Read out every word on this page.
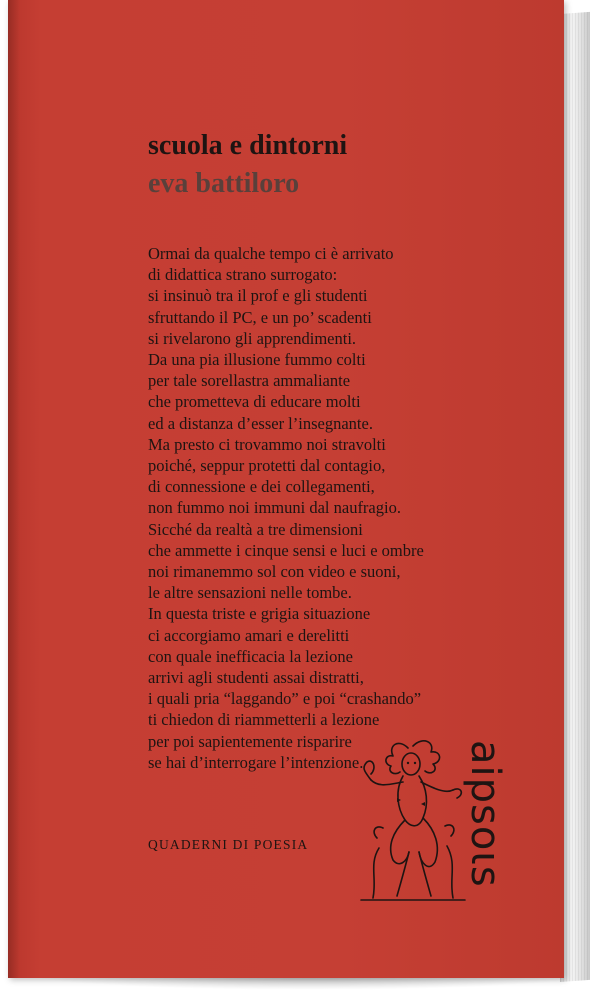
scuola e dintorni
eva battiloro
Ormai da qualche tempo ci è arrivato
di didattica strano surrogato:
si insinuò tra il prof e gli studenti
sfruttando il PC, e un po’ scadenti
si rivelarono gli apprendimenti.
Da una pia illusione fummo colti
per tale sorellastra ammaliante
che prometteva di educare molti
ed a distanza d’esser l’insegnante.
Ma presto ci trovammo noi stravolti
poiché, seppur protetti dal contagio,
di connessione e dei collegamenti,
non fummo noi immuni dal naufragio.
Sicché da realtà a tre dimensioni
che ammette i cinque sensi e luci e ombre
noi rimanemmo sol con video e suoni,
le altre sensazioni nelle tombe.
In questa triste e grigia situazione
ci accorgiamo amari e derelitti
con quale inefficacia la lezione
arrivi agli studenti assai distratti,
i quali pria “laggando” e poi “crashando”
ti chiedon di riammetterli a lezione
per poi sapientemente risparire
se hai d’interrogare l’intenzione.

QUADERNI DI POESIA	aipsoιs
